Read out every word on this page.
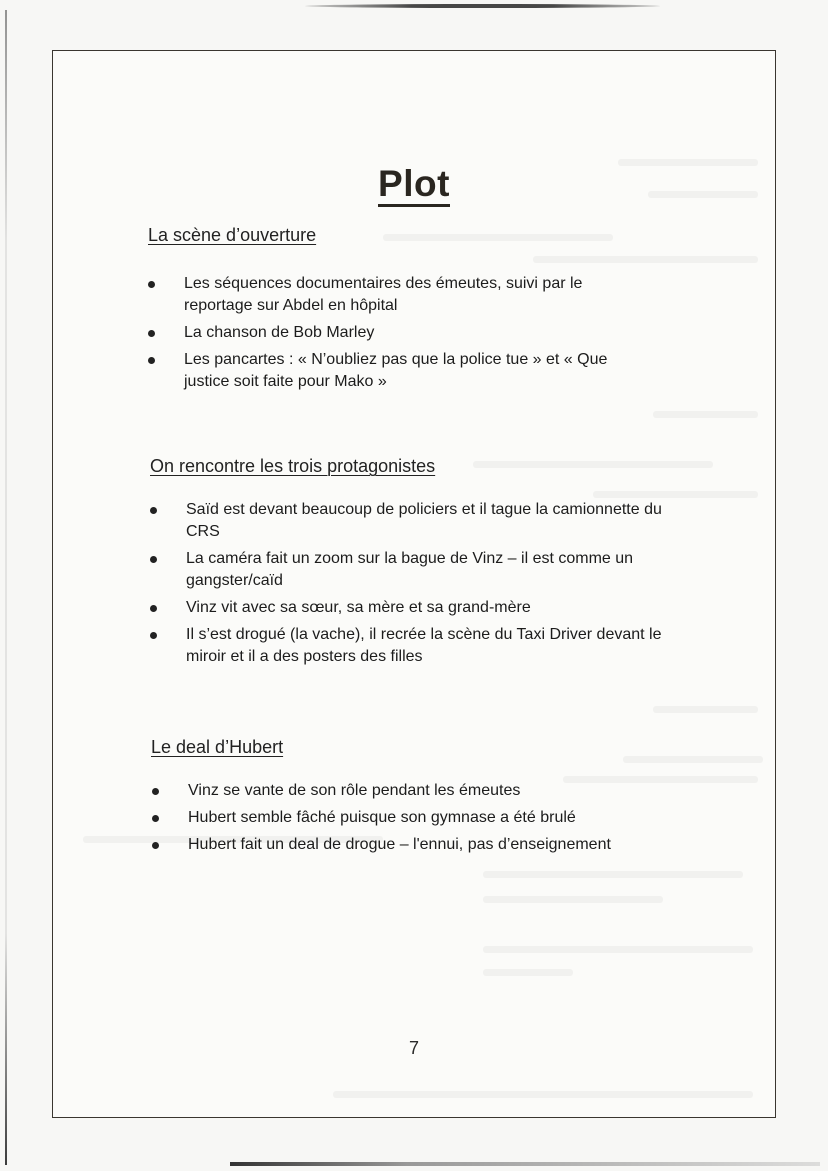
Plot
La scène d’ouverture
Les séquences documentaires des émeutes, suivi par le reportage sur Abdel en hôpital
La chanson de Bob Marley
Les pancartes : « N’oubliez pas que la police tue » et « Que justice soit faite pour Mako »
On rencontre les trois protagonistes
Saïd est devant beaucoup de policiers et il tague la camionnette du CRS
La caméra fait un zoom sur la bague de Vinz – il est comme un gangster/caïd
Vinz vit avec sa sœur, sa mère et sa grand-mère
Il s’est drogué (la vache), il recrée la scène du Taxi Driver devant le miroir et il a des posters des filles
Le deal d’Hubert
Vinz se vante de son rôle pendant les émeutes
Hubert semble fâché puisque son gymnase a été brulé
Hubert fait un deal de drogue – l'ennui, pas d’enseignement
7
